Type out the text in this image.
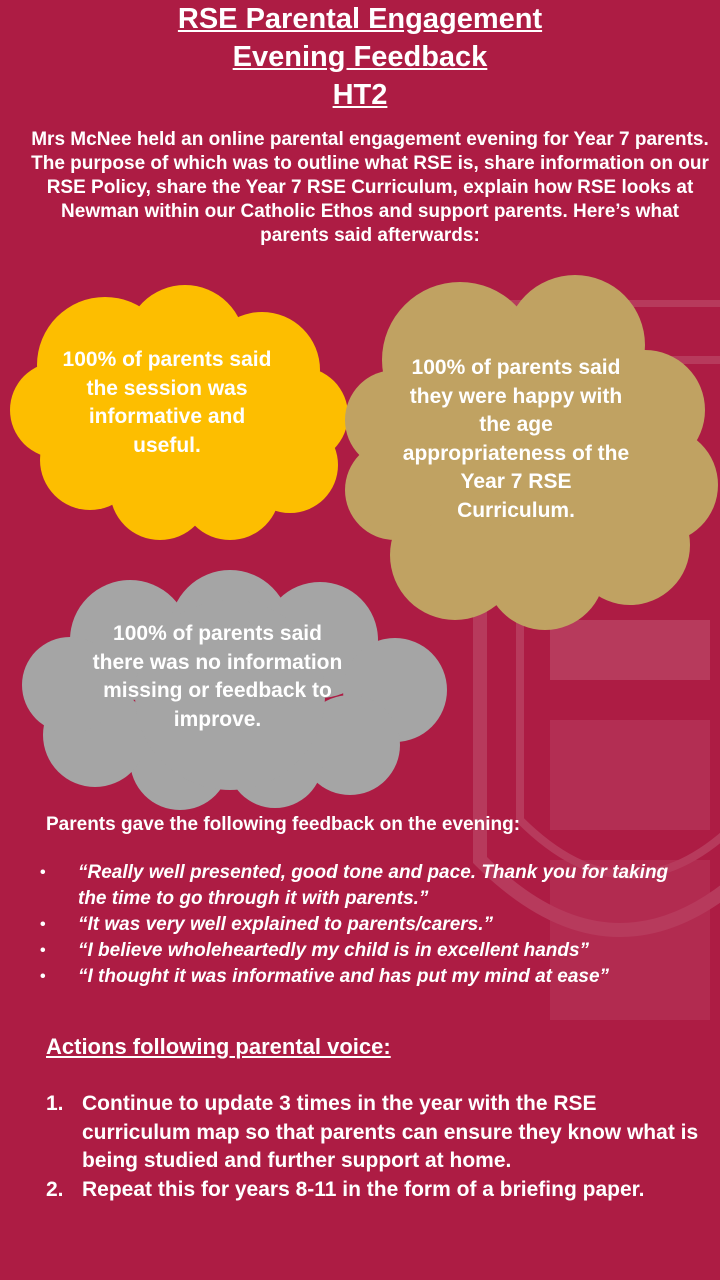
RSE Parental Engagement
Evening Feedback
HT2
Mrs McNee held an online parental engagement evening for Year 7 parents. The purpose of which was to outline what RSE is, share information on our RSE Policy, share the Year 7 RSE Curriculum, explain how RSE looks at Newman within our Catholic Ethos and support parents. Here’s what parents said afterwards:
100% of parents said the session was informative and useful.
100% of parents said they were happy with the age appropriateness of the Year 7 RSE Curriculum.
100% of parents said there was no information missing or feedback to improve.
Parents gave the following feedback on the evening:
• “Really well presented, good tone and pace. Thank you for taking the time to go through it with parents.”
• “It was very well explained to parents/carers.”
• “I believe wholeheartedly my child is in excellent hands”
• “I thought it was informative and has put my mind at ease”
Actions following parental voice:
1. Continue to update 3 times in the year with the RSE curriculum map so that parents can ensure they know what is being studied and further support at home.
2. Repeat this for years 8-11 in the form of a briefing paper.
